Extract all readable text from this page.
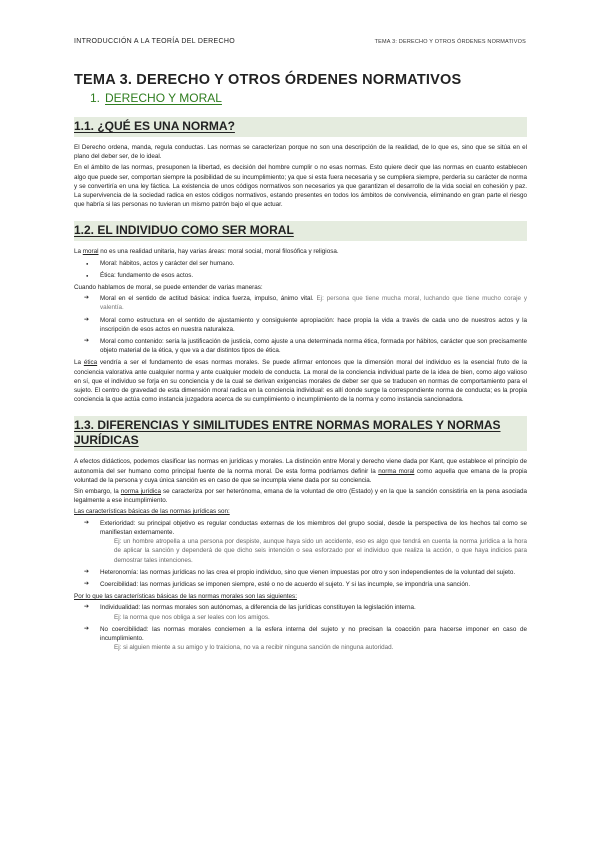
INTRODUCCIÓN A LA TEORÍA DEL DERECHO	TEMA 3: DERECHO Y OTROS ÓRDENES NORMATIVOS
TEMA 3. DERECHO Y OTROS ÓRDENES NORMATIVOS
1. DERECHO Y MORAL
1.1. ¿QUÉ ES UNA NORMA?

El Derecho ordena, manda, regula conductas. Las normas se caracterizan porque no son una descripción de la realidad, de lo que es, sino que se sitúa en el plano del deber ser, de lo ideal.

En el ámbito de las normas, presuponen la libertad, es decisión del hombre cumplir o no esas normas. Esto quiere decir que las normas en cuanto establecen algo que puede ser, comportan siempre la posibilidad de su incumplimiento; ya que si esta fuera necesaria y se cumpliera siempre, perdería su carácter de norma y se convertiría en una ley fáctica. La existencia de unos códigos normativos son necesarios ya que garantizan el desarrollo de la vida social en cohesión y paz. La supervivencia de la sociedad radica en estos códigos normativos, estando presentes en todos los ámbitos de convivencia, eliminando en gran parte el riesgo que habría si las personas no tuvieran un mismo patrón bajo el que actuar.

1.2. EL INDIVIDUO COMO SER MORAL

La moral no es una realidad unitaria, hay varias áreas: moral social, moral filosófica y religiosa.

● Moral: hábitos, actos y carácter del ser humano.
● Ética: fundamento de esos actos.

Cuando hablamos de moral, se puede entender de varias maneras:

➔ Moral en el sentido de actitud básica: indica fuerza, impulso, ánimo vital. Ej: persona que tiene mucha moral, luchando que tiene mucho coraje y valentía.
➔ Moral como estructura en el sentido de ajustamiento y consiguiente apropiación: hace propia la vida a través de cada uno de nuestros actos y la inscripción de esos actos en nuestra naturaleza.
➔ Moral como contenido: sería la justificación de justicia, como ajuste a una determinada norma ética, formada por hábitos, carácter que son precisamente objeto material de la ética, y que va a dar distintos tipos de ética.

La ética vendría a ser el fundamento de esas normas morales. Se puede afirmar entonces que la dimensión moral del individuo es la esencial fruto de la conciencia valorativa ante cualquier norma y ante cualquier modelo de conducta. La moral de la conciencia individual parte de la idea de bien, como algo valioso en sí, que el individuo se forja en su conciencia y de la cual se derivan exigencias morales de deber ser que se traducen en normas de comportamiento para el sujeto. El centro de gravedad de esta dimensión moral radica en la conciencia individual: es allí donde surge la correspondiente norma de conducta; es la propia conciencia la que actúa como instancia juzgadora acerca de su cumplimiento o incumplimiento de la norma y como instancia sancionadora.

1.3. DIFERENCIAS Y SIMILITUDES ENTRE NORMAS MORALES Y NORMAS JURÍDICAS

A efectos didácticos, podemos clasificar las normas en jurídicas y morales. La distinción entre Moral y derecho viene dada por Kant, que establece el principio de autonomía del ser humano como principal fuente de la norma moral. De esta forma podríamos definir la norma moral como aquella que emana de la propia voluntad de la persona y cuya única sanción es en caso de que se incumpla viene dada por su conciencia.

Sin embargo, la norma jurídica se caracteriza por ser heterónoma, emana de la voluntad de otro (Estado) y en la que la sanción consistiría en la pena asociada legalmente a ese incumplimiento.

Las características básicas de las normas jurídicas son:

➔ Exterioridad: su principal objetivo es regular conductas externas de los miembros del grupo social, desde la perspectiva de los hechos tal como se manifiestan externamente.
Ej: un hombre atropella a una persona por despiste, aunque haya sido un accidente, eso es algo que tendrá en cuenta la norma jurídica a la hora de aplicar la sanción y dependerá de que dicho seis intención o sea esforzado por el individuo que realiza la acción, o que haya indicios para demostrar tales intenciones.
➔ Heteronomía: las normas jurídicas no las crea el propio individuo, sino que vienen impuestas por otro y son independientes de la voluntad del sujeto.
➔ Coercibilidad: las normas jurídicas se imponen siempre, esté o no de acuerdo el sujeto. Y si las incumple, se impondría una sanción.

Por lo que las características básicas de las normas morales son las siguientes:

➔ Individualidad: las normas morales son autónomas, a diferencia de las jurídicas constituyen la legislación interna.
Ej: la norma que nos obliga a ser leales con los amigos.
➔ No coercibilidad: las normas morales conciernen a la esfera interna del sujeto y no precisan la coacción para hacerse imponer en caso de incumplimiento.
Ej: si alguien miente a su amigo y lo traiciona, no va a recibir ninguna sanción de ninguna autoridad.
